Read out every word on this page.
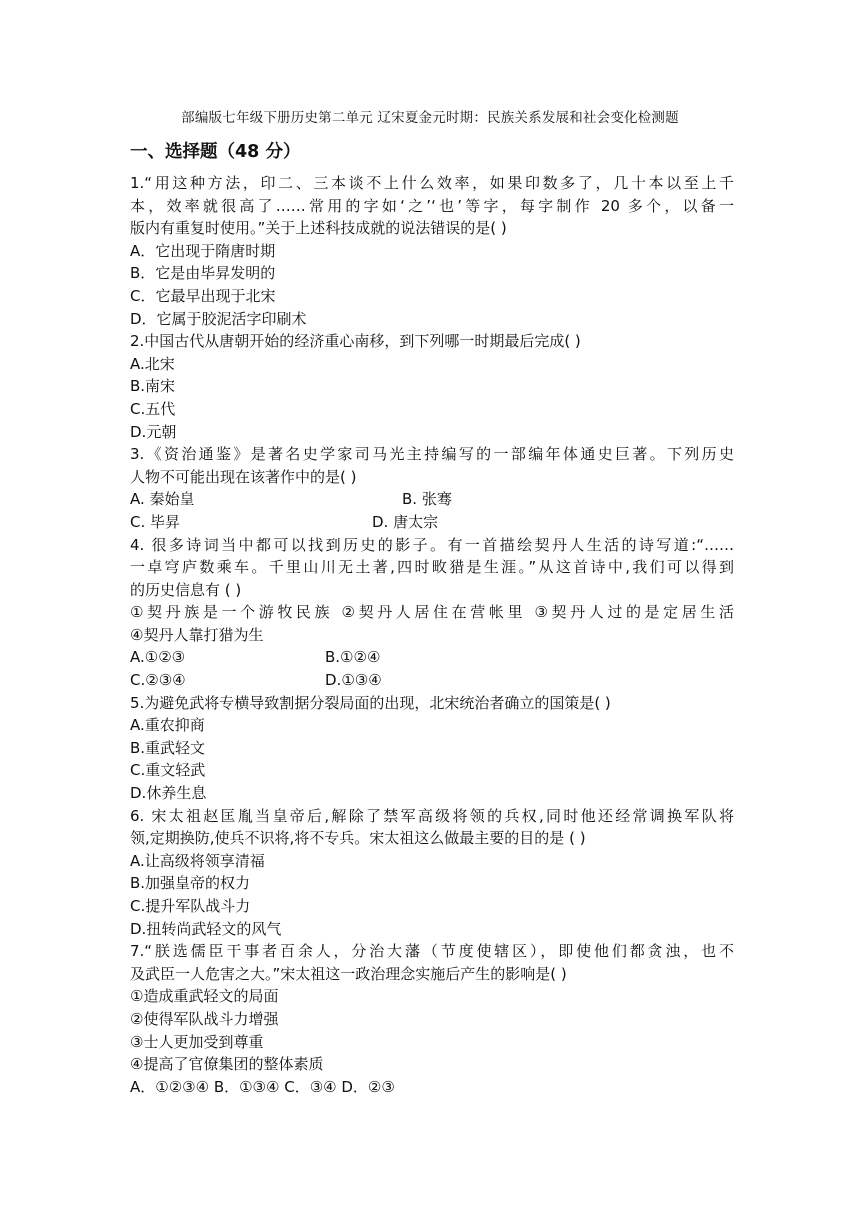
部编版七年级下册历史第二单元 辽宋夏金元时期：民族关系发展和社会变化检测题
一、选择题（48 分）
1.“用这种方法，印二、三本谈不上什么效率，如果印数多了，几十本以至上千
本，效率就很高了……常用的字如‘之’‘也’等字，每字制作 20 多个，以备一
版内有重复时使用。”关于上述科技成就的说法错误的是( )
A．它出现于隋唐时期
B．它是由毕昇发明的
C．它最早出现于北宋
D．它属于胶泥活字印刷术
2.中国古代从唐朝开始的经济重心南移，到下列哪一时期最后完成( )
A.北宋
B.南宋
C.五代
D.元朝
3.《资治通鉴》是著名史学家司马光主持编写的一部编年体通史巨著。下列历史
人物不可能出现在该著作中的是( )
A. 秦始皇	B. 张骞
C. 毕昇	D. 唐太宗
4. 很多诗词当中都可以找到历史的影子。有一首描绘契丹人生活的诗写道:“……
一卓穹庐数乘车。千里山川无土著,四时畋猎是生涯。”从这首诗中,我们可以得到
的历史信息有 ( )
①契丹族是一个游牧民族 ②契丹人居住在营帐里 ③契丹人过的是定居生活
④契丹人靠打猎为生
A.①②③	B.①②④
C.②③④	D.①③④
5.为避免武将专横导致割据分裂局面的出现，北宋统治者确立的国策是( )
A.重农抑商
B.重武轻文
C.重文轻武
D.休养生息
6. 宋太祖赵匡胤当皇帝后,解除了禁军高级将领的兵权,同时他还经常调换军队将
领,定期换防,使兵不识将,将不专兵。宋太祖这么做最主要的目的是 ( )
A.让高级将领享清福
B.加强皇帝的权力
C.提升军队战斗力
D.扭转尚武轻文的风气
7.“朕选儒臣干事者百余人，分治大藩（节度使辖区），即使他们都贪浊，也不
及武臣一人危害之大。”宋太祖这一政治理念实施后产生的影响是( )
①造成重武轻文的局面
②使得军队战斗力增强
③士人更加受到尊重
④提高了官僚集团的整体素质
A．①②③④ B．①③④ C．③④ D．②③
